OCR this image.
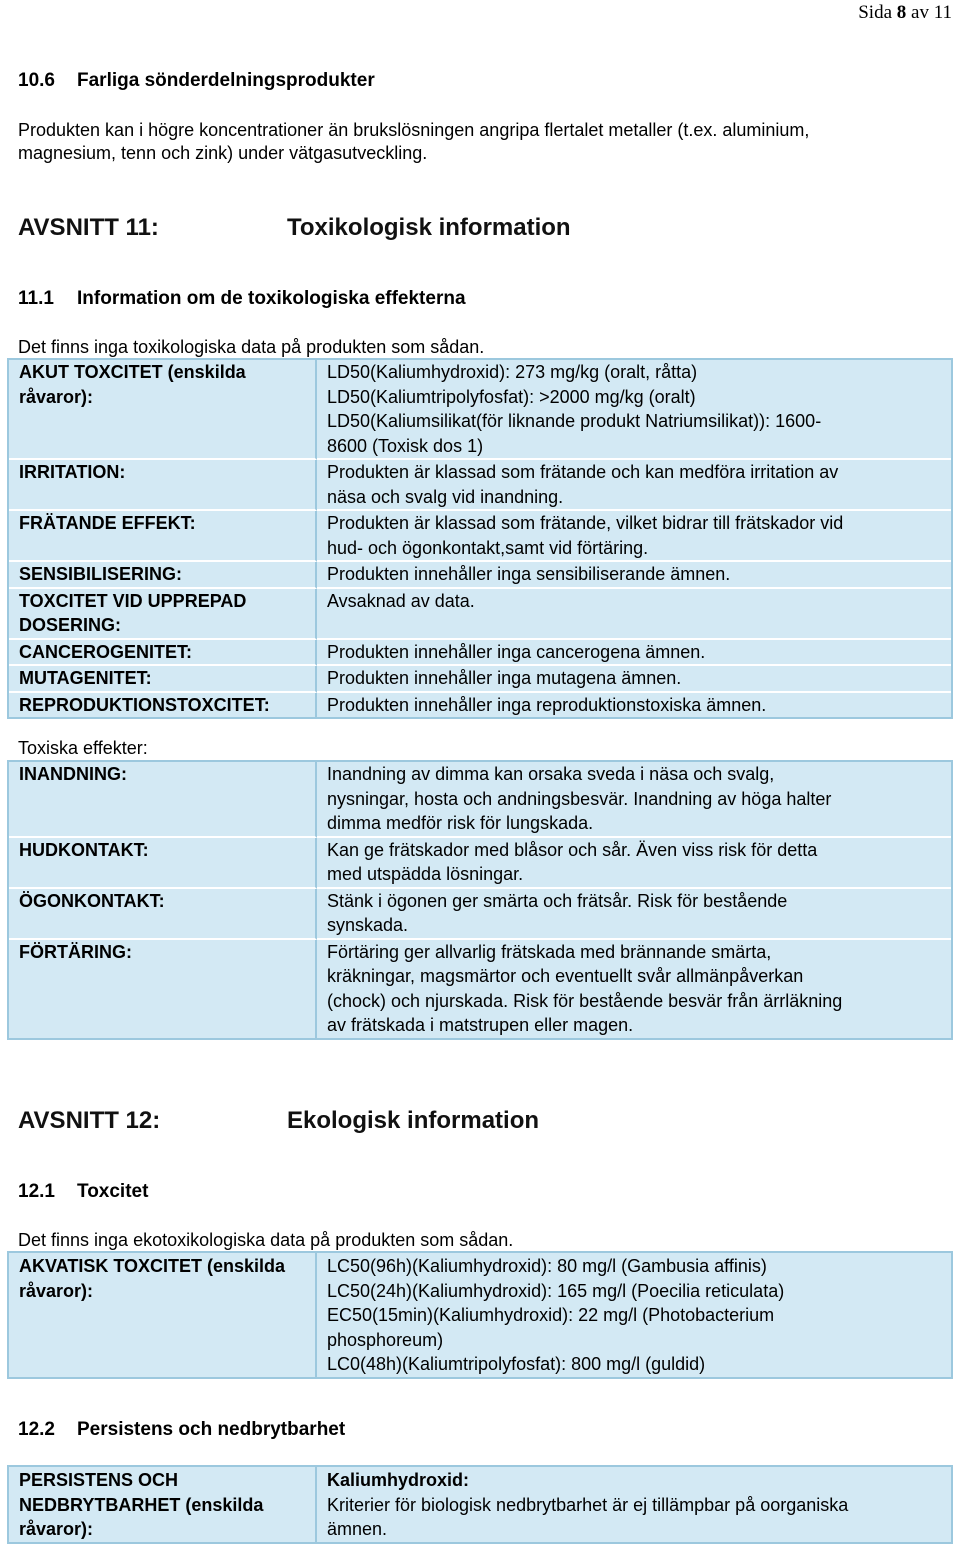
Sida 8 av 11
10.6 Farliga sönderdelningsprodukter
Produkten kan i högre koncentrationer än brukslösningen angripa flertalet metaller (t.ex. aluminium,
magnesium, tenn och zink) under vätgasutveckling.
AVSNITT 11:	Toxikologisk information
11.1 Information om de toxikologiska effekterna
Det finns inga toxikologiska data på produkten som sådan.
AKUT TOXCITET (enskilda råvaror):	LD50(Kaliumhydroxid): 273 mg/kg (oralt, råtta)
LD50(Kaliumtripolyfosfat): >2000 mg/kg (oralt)
LD50(Kaliumsilikat(för liknande produkt Natriumsilikat)): 1600-
8600 (Toxisk dos 1)

IRRITATION:	Produkten är klassad som frätande och kan medföra irritation av
näsa och svalg vid inandning.

FRÄTANDE EFFEKT:	Produkten är klassad som frätande, vilket bidrar till frätskador vid
hud- och ögonkontakt,samt vid förtäring.

SENSIBILISERING:	Produkten innehåller inga sensibiliserande ämnen.

TOXCITET VID UPPREPAD DOSERING:	Avsaknad av data.

CANCEROGENITET:	Produkten innehåller inga cancerogena ämnen.

MUTAGENITET:	Produkten innehåller inga mutagena ämnen.

REPRODUKTIONSTOXCITET:	Produkten innehåller inga reproduktionstoxiska ämnen.
Toxiska effekter:
INANDNING:	Inandning av dimma kan orsaka sveda i näsa och svalg,
nysningar, hosta och andningsbesvär. Inandning av höga halter
dimma medför risk för lungskada.

HUDKONTAKT:	Kan ge frätskador med blåsor och sår. Även viss risk för detta
med utspädda lösningar.

ÖGONKONTAKT:	Stänk i ögonen ger smärta och frätsår. Risk för bestående
synskada.

FÖRTÄRING:	Förtäring ger allvarlig frätskada med brännande smärta,
kräkningar, magsmärtor och eventuellt svår allmänpåverkan
(chock) och njurskada. Risk för bestående besvär från ärrläkning
av frätskada i matstrupen eller magen.
AVSNITT 12:	Ekologisk information
12.1 Toxcitet
Det finns inga ekotoxikologiska data på produkten som sådan.
AKVATISK TOXCITET (enskilda råvaror):	
LC50(96h)(Kaliumhydroxid): 80 mg/l (Gambusia affinis)
LC50(24h)(Kaliumhydroxid): 165 mg/l (Poecilia reticulata)
EC50(15min)(Kaliumhydroxid): 22 mg/l (Photobacterium
phosphoreum)
LC0(48h)(Kaliumtripolyfosfat): 800 mg/l (guldid)
12.2 Persistens och nedbrytbarhet
PERSISTENS OCH NEDBRYTBARHET (enskilda råvaror):	
Kaliumhydroxid:
Kriterier för biologisk nedbrytbarhet är ej tillämpbar på oorganiska
ämnen.
